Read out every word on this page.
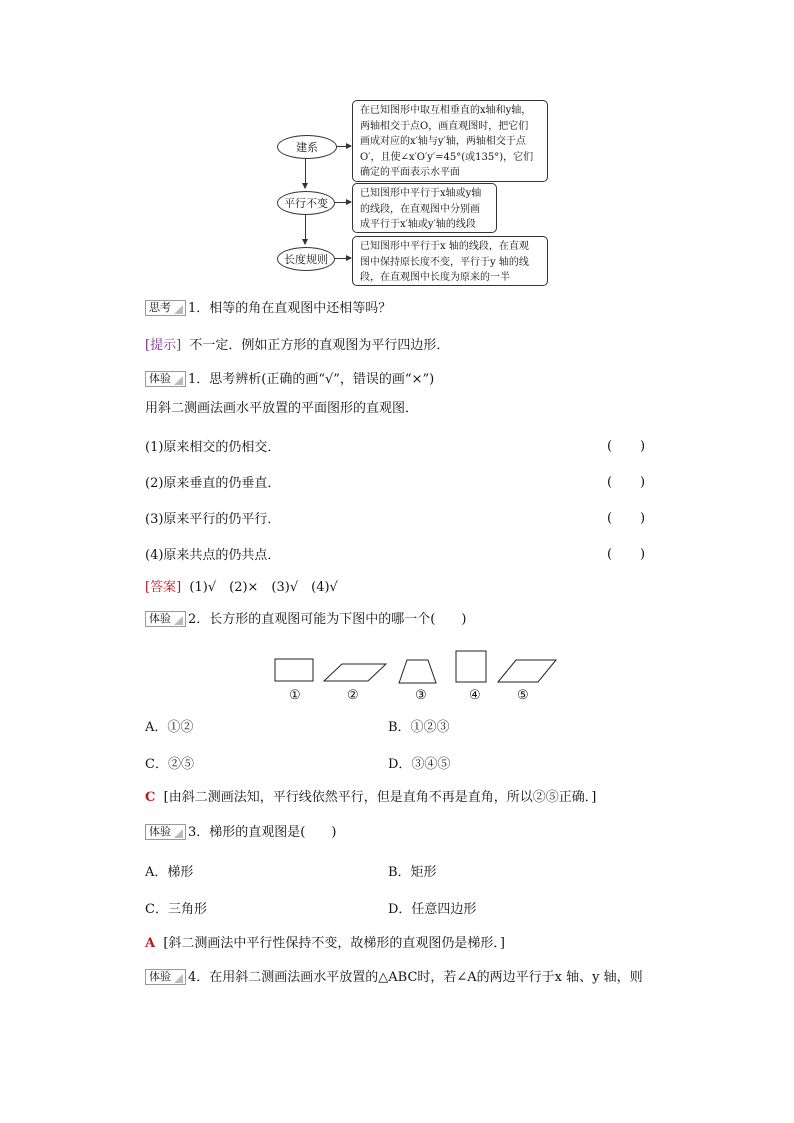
建系
平行不变
长度规则
在已知图形中取互相垂直的x轴和y轴，
两轴相交于点O，画直观图时，把它们
画成对应的x′轴与y′轴，两轴相交于点
O′，且使∠x′O′y′=45°(或135°)，它们
确定的平面表示水平面
已知图形中平行于x轴或y轴
的线段，在直观图中分别画
成平行于x′轴或y′轴的线段
已知图形中平行于x 轴的线段，在直观
图中保持原长度不变，平行于y 轴的线
段，在直观图中长度为原来的一半
思考 1．相等的角在直观图中还相等吗？
[提示] 不一定．例如正方形的直观图为平行四边形．
体验 1．思考辨析(正确的画“√”，错误的画“×”)
用斜二测画法画水平放置的平面图形的直观图．
(1)原来相交的仍相交．	( )
(2)原来垂直的仍垂直．	( )
(3)原来平行的仍平行．	( )
(4)原来共点的仍共点．	( )
[答案] (1)√　(2)×　(3)√　(4)√
体验 2．长方形的直观图可能为下图中的哪一个(　　)
①	②	③	④	⑤
A．①②	B．①②③
C．②⑤	D．③④⑤
C [由斜二测画法知，平行线依然平行，但是直角不再是直角，所以②⑤正确．]
体验 3．梯形的直观图是(　　)
A．梯形	B．矩形
C．三角形	D．任意四边形
A [斜二测画法中平行性保持不变，故梯形的直观图仍是梯形．]
体验 4．在用斜二测画法画水平放置的△ABC时，若∠A的两边平行于x 轴、y 轴，则
